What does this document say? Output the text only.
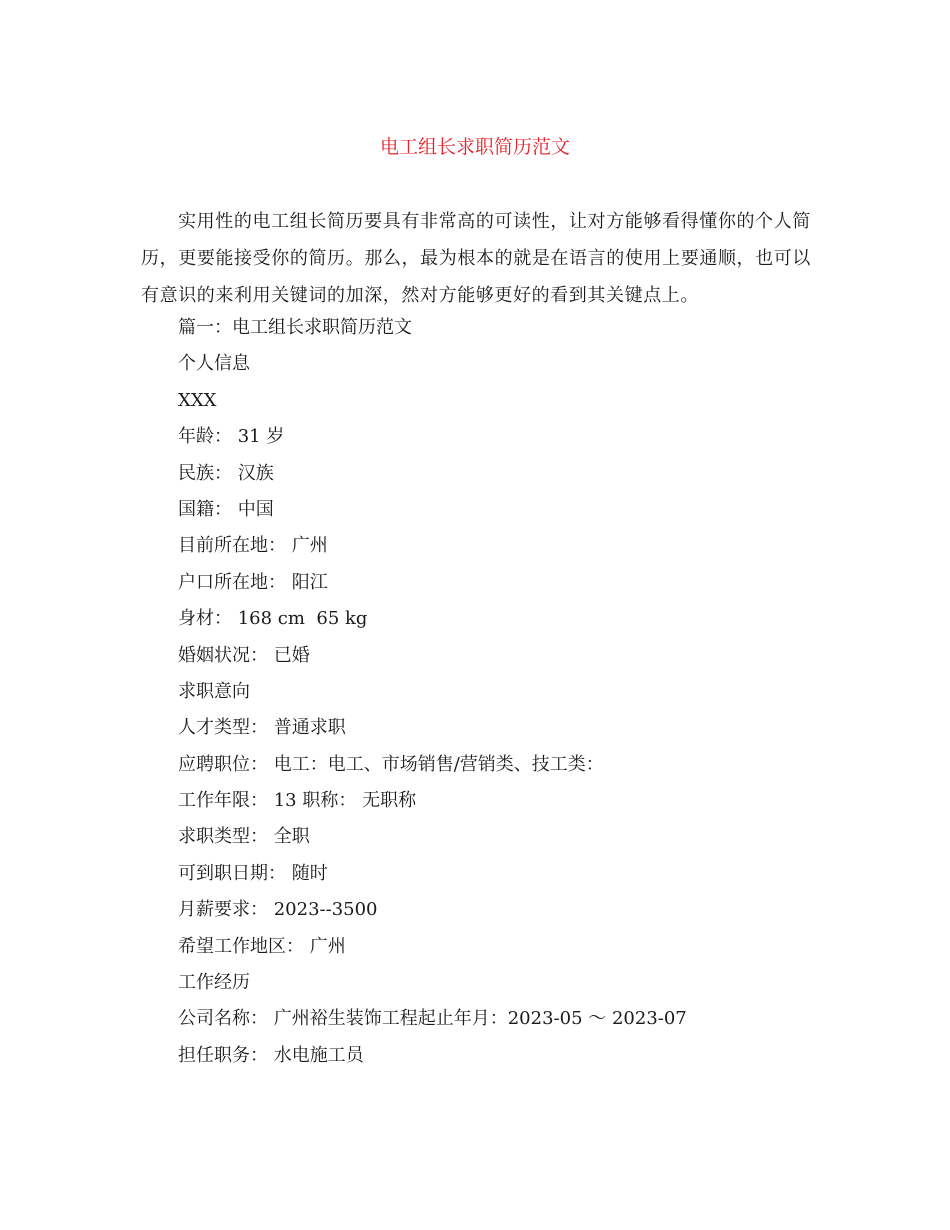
电工组长求职简历范文
实用性的电工组长简历要具有非常高的可读性，让对方能够看得懂你的个人简历，更要能接受你的简历。那么，最为根本的就是在语言的使用上要通顺，也可以有意识的来利用关键词的加深，然对方能够更好的看到其关键点上。
篇一：电工组长求职简历范文
个人信息
XXX
年龄： 31 岁
民族： 汉族
国籍： 中国
目前所在地： 广州
户口所在地： 阳江
身材： 168 cm  65 kg
婚姻状况： 已婚
求职意向
人才类型： 普通求职
应聘职位： 电工：电工、市场销售/营销类、技工类：
工作年限： 13 职称： 无职称
求职类型： 全职
可到职日期： 随时
月薪要求： 2023--3500
希望工作地区： 广州
工作经历
公司名称： 广州裕生装饰工程起止年月：2023-05 ～ 2023-07
担任职务： 水电施工员
